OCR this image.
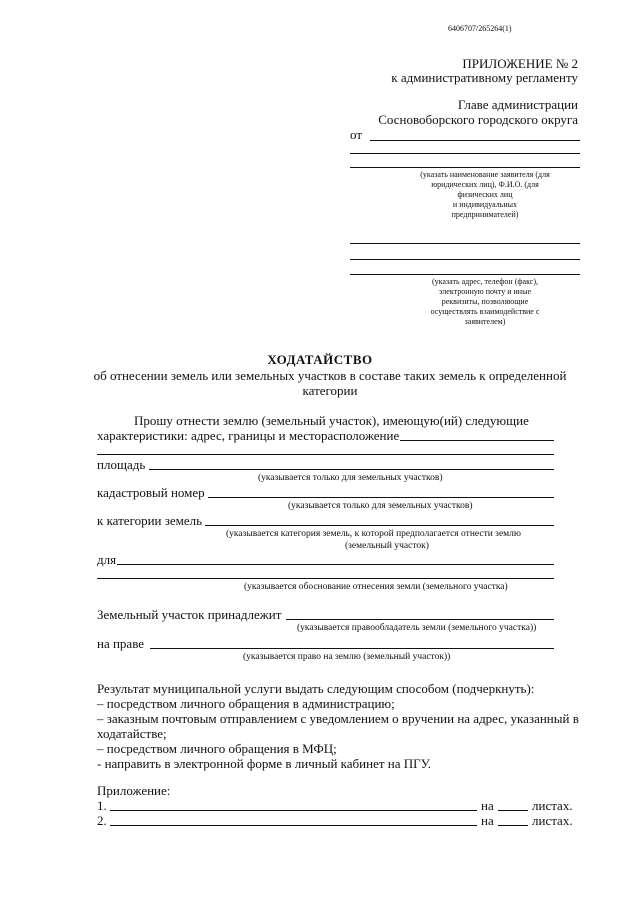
6406707/265264(1)
ПРИЛОЖЕНИЕ № 2
к административному регламенту
Главе администрации
Сосновоборского городского округа
от
(указать наименование заявителя (для
юридических лиц), Ф.И.О. (для
физических лиц
и индивидуальных
предпринимателей)
(указать адрес, телефон (факс),
электронную почту и иные
реквизиты, позволяющие
осуществлять взаимодействие с
заявителем)
ХОДАТАЙСТВО
об отнесении земель или земельных участков в составе таких земель к определенной
категории
Прошу отнести землю (земельный участок), имеющую(ий) следующие
характеристики: адрес, границы и месторасположение
площадь
(указывается только для земельных участков)
кадастровый номер
(указывается только для земельных участков)
к категории земель
(указывается категория земель, к которой предполагается отнести землю
(земельный участок)
для
(указывается обоснование отнесения земли (земельного участка)
Земельный участок принадлежит
(указывается правообладатель земли (земельного участка))
на праве
(указывается право на землю (земельный участок))
Результат муниципальной услуги выдать следующим способом (подчеркнуть):
– посредством личного обращения в администрацию;
– заказным почтовым отправлением с уведомлением о вручении на адрес, указанный в
ходатайстве;
– посредством личного обращения в МФЦ;
- направить в электронной форме в личный кабинет на ПГУ.
Приложение:
1.	на	листах.
2.	на	листах.
